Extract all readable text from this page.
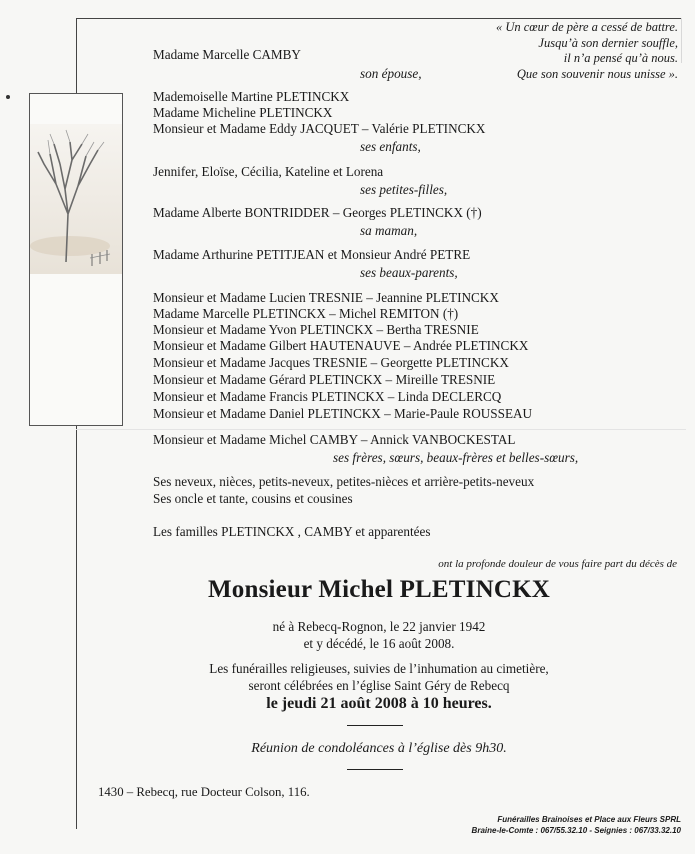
« Un cœur de père a cessé de battre.
Jusqu’à son dernier souffle,
il n’a pensé qu’à nous.
Que son souvenir nous unisse ».
Madame Marcelle CAMBY
son épouse,
Mademoiselle Martine PLETINCKX
Madame Micheline PLETINCKX
Monsieur et Madame Eddy JACQUET – Valérie PLETINCKX
ses enfants,
Jennifer, Eloïse, Cécilia, Kateline et Lorena
ses petites-filles,
Madame Alberte BONTRIDDER – Georges PLETINCKX (†)
sa maman,
Madame Arthurine PETITJEAN et Monsieur André PETRE
ses beaux-parents,
Monsieur et Madame Lucien TRESNIE – Jeannine PLETINCKX
Madame Marcelle PLETINCKX – Michel REMITON (†)
Monsieur et Madame Yvon PLETINCKX – Bertha TRESNIE
Monsieur et Madame Gilbert HAUTENAUVE – Andrée PLETINCKX
Monsieur et Madame Jacques TRESNIE – Georgette PLETINCKX
Monsieur et Madame Gérard PLETINCKX – Mireille TRESNIE
Monsieur et Madame Francis PLETINCKX – Linda DECLERCQ
Monsieur et Madame Daniel PLETINCKX – Marie-Paule ROUSSEAU
Monsieur et Madame Michel CAMBY – Annick VANBOCKESTAL
ses frères, sœurs, beaux-frères et belles-sœurs,
Ses neveux, nièces, petits-neveux, petites-nièces et arrière-petits-neveux
Ses oncle et tante, cousins et cousines
Les familles PLETINCKX , CAMBY et apparentées
ont la profonde douleur de vous faire part du décès de
Monsieur Michel PLETINCKX
né à Rebecq-Rognon, le 22 janvier 1942
et y décédé, le 16 août 2008.
Les funérailles religieuses, suivies de l’inhumation au cimetière,
seront célébrées en l’église Saint Géry de Rebecq
le jeudi 21 août 2008 à 10 heures.
Réunion de condoléances à l’église dès 9h30.
1430 – Rebecq, rue Docteur Colson, 116.
Funérailles Brainoises et Place aux Fleurs SPRL
Braine-le-Comte : 067/55.32.10 - Seignies : 067/33.32.10
